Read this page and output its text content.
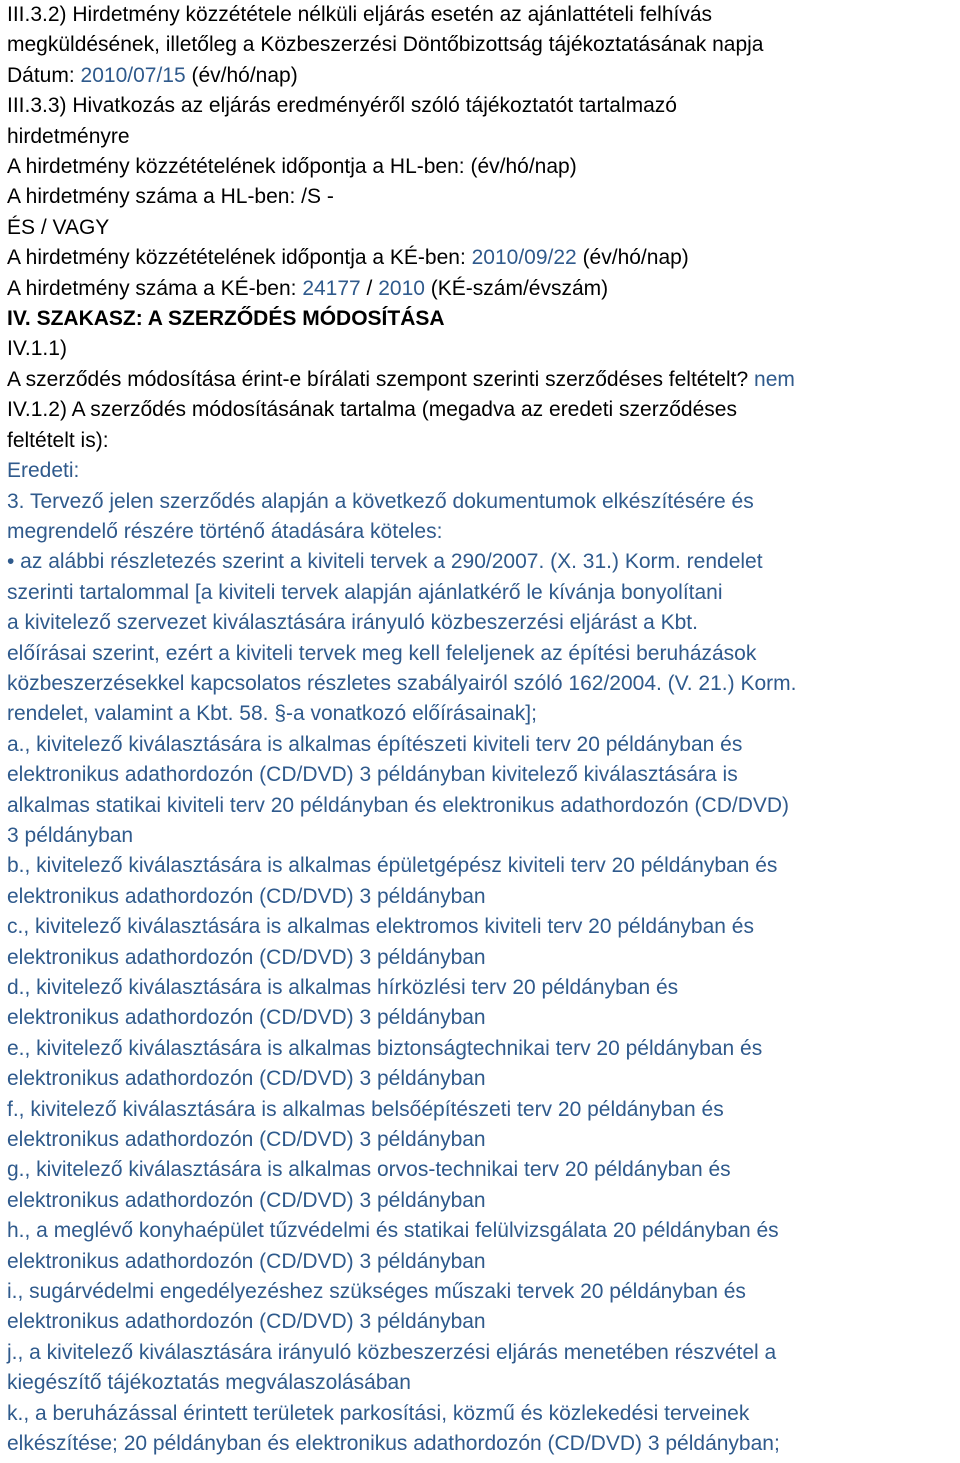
III.3.2) Hirdetmény közzététele nélküli eljárás esetén az ajánlattételi felhívás

megküldésének, illetőleg a Közbeszerzési Döntőbizottság tájékoztatásának napja

Dátum: 2010/07/15 (év/hó/nap)

III.3.3) Hivatkozás az eljárás eredményéről szóló tájékoztatót tartalmazó

hirdetményre

A hirdetmény közzétételének időpontja a HL-ben: (év/hó/nap)

A hirdetmény száma a HL-ben: /S -

ÉS / VAGY

A hirdetmény közzétételének időpontja a KÉ-ben: 2010/09/22 (év/hó/nap)

A hirdetmény száma a KÉ-ben: 24177 / 2010 (KÉ-szám/évszám)

IV. SZAKASZ: A SZERZŐDÉS MÓDOSÍTÁSA

IV.1.1)

A szerződés módosítása érint-e bírálati szempont szerinti szerződéses feltételt? nem

IV.1.2) A szerződés módosításának tartalma (megadva az eredeti szerződéses

feltételt is):

Eredeti:

3. Tervező jelen szerződés alapján a következő dokumentumok elkészítésére és

megrendelő részére történő átadására köteles:

• az alábbi részletezés szerint a kiviteli tervek a 290/2007. (X. 31.) Korm. rendelet

szerinti tartalommal [a kiviteli tervek alapján ajánlatkérő le kívánja bonyolítani

a kivitelező szervezet kiválasztására irányuló közbeszerzési eljárást a Kbt.

előírásai szerint, ezért a kiviteli tervek meg kell feleljenek az építési beruházások

közbeszerzésekkel kapcsolatos részletes szabályairól szóló 162/2004. (V. 21.) Korm.

rendelet, valamint a Kbt. 58. §-a vonatkozó előírásainak];

a., kivitelező kiválasztására is alkalmas építészeti kiviteli terv 20 példányban és

elektronikus adathordozón (CD/DVD) 3 példányban kivitelező kiválasztására is

alkalmas statikai kiviteli terv 20 példányban és elektronikus adathordozón (CD/DVD)

3 példányban

b., kivitelező kiválasztására is alkalmas épületgépész kiviteli terv 20 példányban és

elektronikus adathordozón (CD/DVD) 3 példányban

c., kivitelező kiválasztására is alkalmas elektromos kiviteli terv 20 példányban és

elektronikus adathordozón (CD/DVD) 3 példányban

d., kivitelező kiválasztására is alkalmas hírközlési terv 20 példányban és

elektronikus adathordozón (CD/DVD) 3 példányban

e., kivitelező kiválasztására is alkalmas biztonságtechnikai terv 20 példányban és

elektronikus adathordozón (CD/DVD) 3 példányban

f., kivitelező kiválasztására is alkalmas belsőépítészeti terv 20 példányban és

elektronikus adathordozón (CD/DVD) 3 példányban

g., kivitelező kiválasztására is alkalmas orvos-technikai terv 20 példányban és

elektronikus adathordozón (CD/DVD) 3 példányban

h., a meglévő konyhaépület tűzvédelmi és statikai felülvizsgálata 20 példányban és

elektronikus adathordozón (CD/DVD) 3 példányban

i., sugárvédelmi engedélyezéshez szükséges műszaki tervek 20 példányban és

elektronikus adathordozón (CD/DVD) 3 példányban

j., a kivitelező kiválasztására irányuló közbeszerzési eljárás menetében részvétel a

kiegészítő tájékoztatás megválaszolásában

k., a beruházással érintett területek parkosítási, közmű és közlekedési terveinek

elkészítése; 20 példányban és elektronikus adathordozón (CD/DVD) 3 példányban;
